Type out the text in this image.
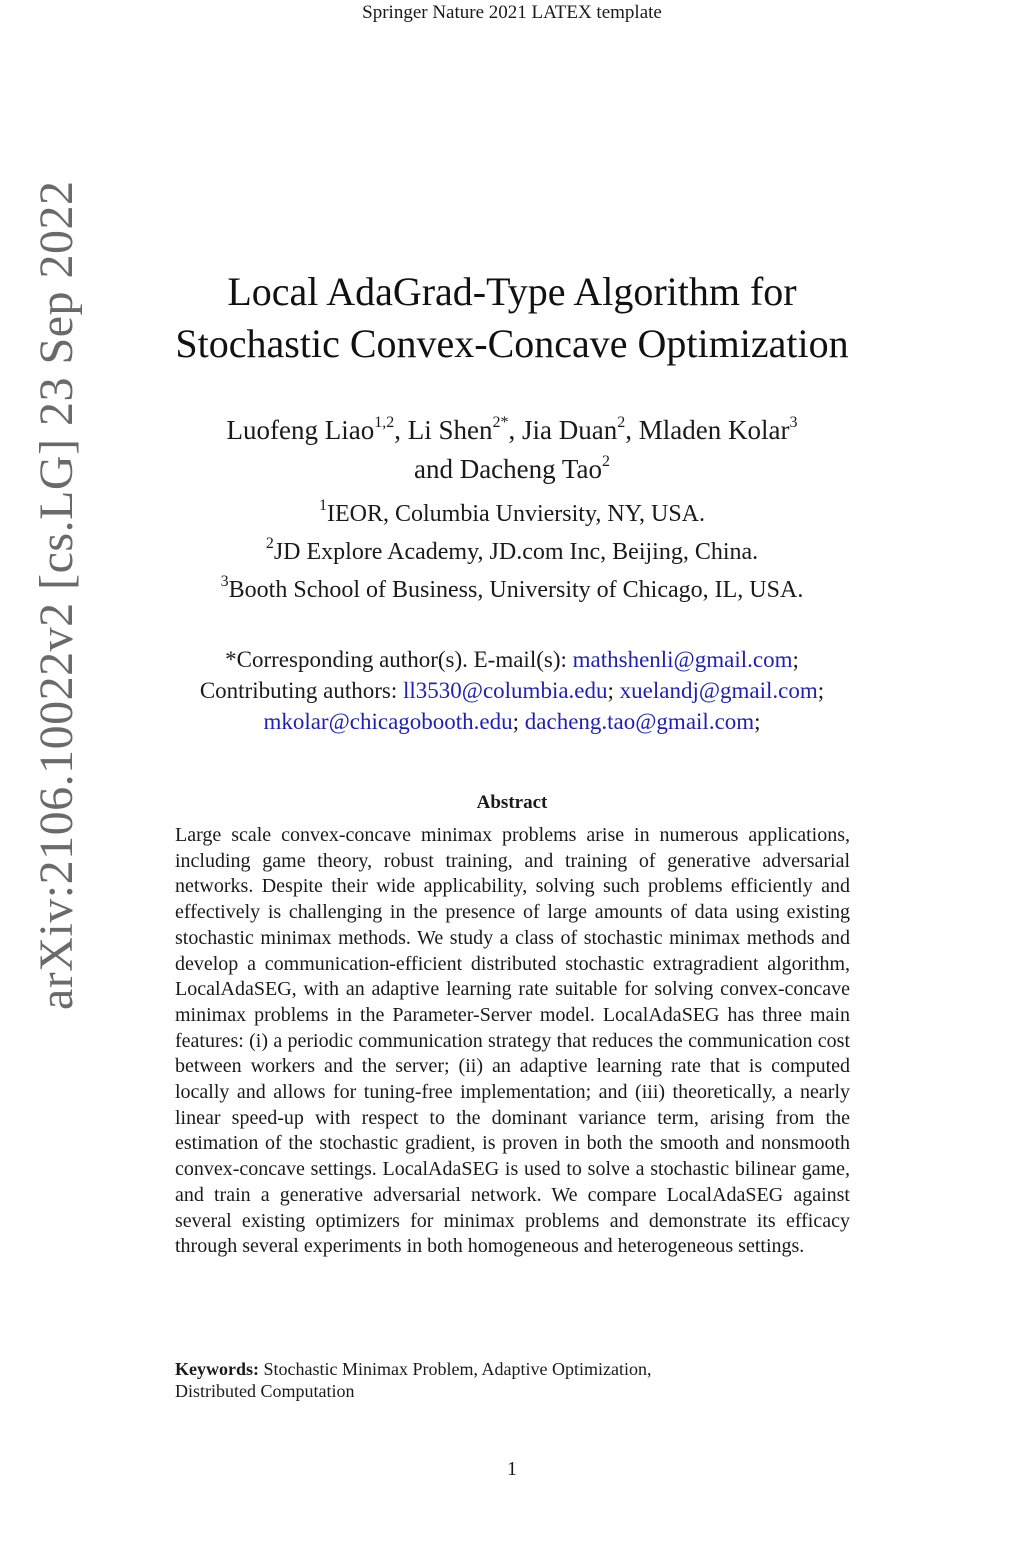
Springer Nature 2021 LATEX template
arXiv:2106.10022v2 [cs.LG] 23 Sep 2022	Local AdaGrad-Type Algorithm for
Stochastic Convex-Concave Optimization
Luofeng Liao$^{1,2}$, Li Shen$^{2*}$, Jia Duan$^2$, Mladen Kolar$^3$
and Dacheng Tao$^2$
$^1$IEOR, Columbia Unviersity, NY, USA.
$^2$JD Explore Academy, JD.com Inc, Beijing, China.
$^3$Booth School of Business, University of Chicago, IL, USA.
*Corresponding author(s). E-mail(s): mathshenli@gmail.com;
Contributing authors: ll3530@columbia.edu; xuelandj@gmail.com;
mkolar@chicagobooth.edu; dacheng.tao@gmail.com;
Abstract

Large scale convex-concave minimax problems arise in numerous applications, including game theory, robust training, and training of generative adversarial networks. Despite their wide applicability, solving such problems efficiently and effectively is challenging in the presence of large amounts of data using existing stochastic minimax methods. We study a class of stochastic minimax methods and develop a communication-efficient distributed stochastic extragradient algorithm, LocalAdaSEG, with an adaptive learning rate suitable for solving convex-concave minimax problems in the Parameter-Server model. LocalAdaSEG has three main features: (i) a periodic communication strategy that reduces the communication cost between workers and the server; (ii) an adaptive learning rate that is computed locally and allows for tuning-free implementation; and (iii) theoretically, a nearly linear speed-up with respect to the dominant variance term, arising from the estimation of the stochastic gradient, is proven in both the smooth and nonsmooth convex-concave settings. LocalAdaSEG is used to solve a stochastic bilinear game, and train a generative adversarial network. We compare LocalAdaSEG against several existing optimizers for minimax problems and demonstrate its efficacy through several experiments in both homogeneous and heterogeneous settings.

Keywords: Stochastic Minimax Problem, Adaptive Optimization,
Distributed Computation
1
